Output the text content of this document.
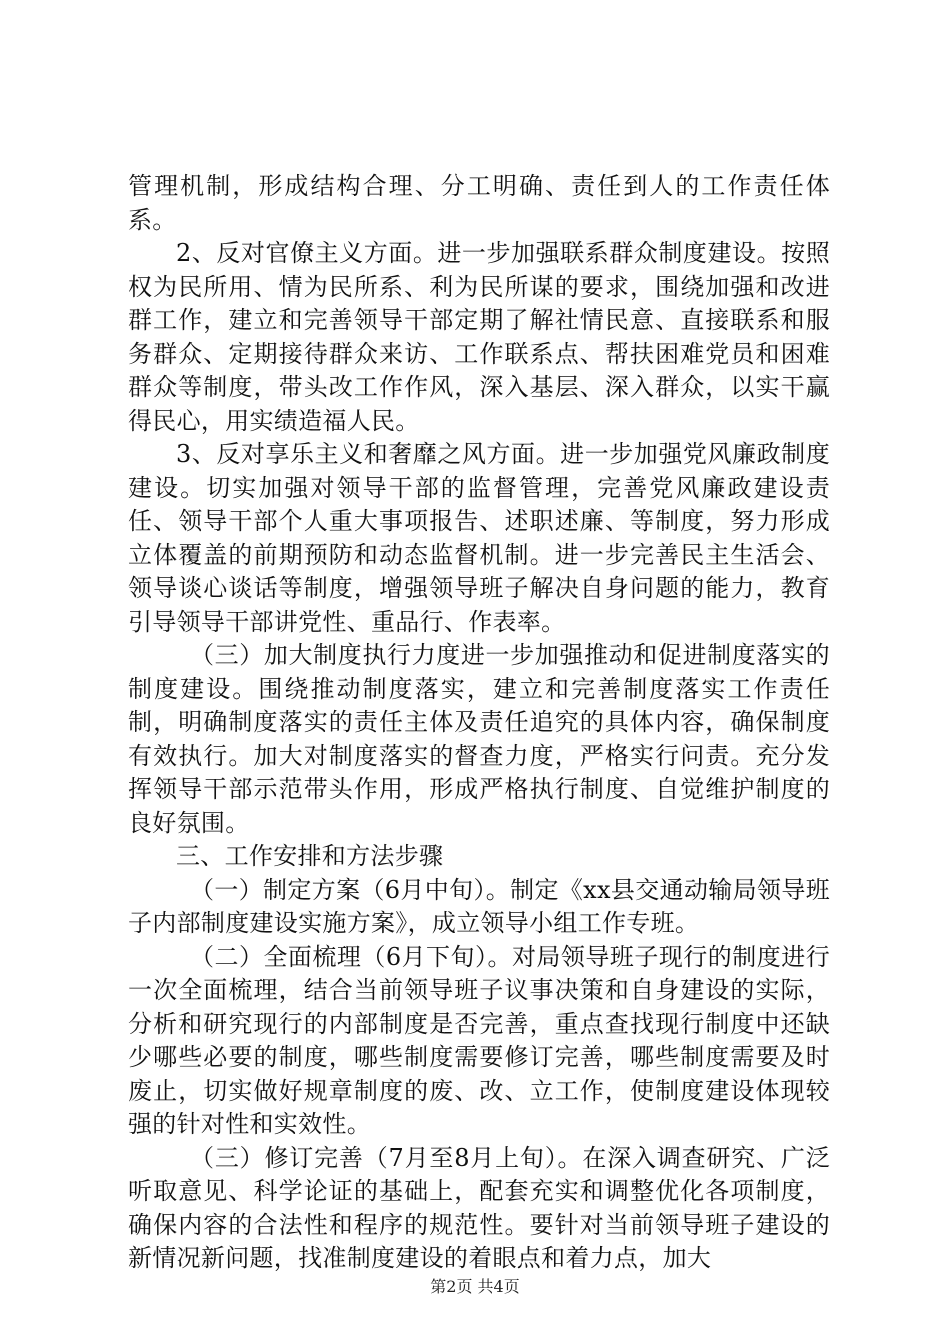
管理机制，形成结构合理、分工明确、责任到人的工作责任体系。

2、反对官僚主义方面。进一步加强联系群众制度建设。按照权为民所用、情为民所系、利为民所谋的要求，围绕加强和改进群工作，建立和完善领导干部定期了解社情民意、直接联系和服务群众、定期接待群众来访、工作联系点、帮扶困难党员和困难群众等制度，带头改工作作风，深入基层、深入群众，以实干赢得民心，用实绩造福人民。

3、反对享乐主义和奢靡之风方面。进一步加强党风廉政制度建设。切实加强对领导干部的监督管理，完善党风廉政建设责任、领导干部个人重大事项报告、述职述廉、等制度，努力形成立体覆盖的前期预防和动态监督机制。进一步完善民主生活会、领导谈心谈话等制度，增强领导班子解决自身问题的能力，教育引导领导干部讲党性、重品行、作表率。

（三）加大制度执行力度进一步加强推动和促进制度落实的制度建设。围绕推动制度落实，建立和完善制度落实工作责任制，明确制度落实的责任主体及责任追究的具体内容，确保制度有效执行。加大对制度落实的督查力度，严格实行问责。充分发挥领导干部示范带头作用，形成严格执行制度、自觉维护制度的良好氛围。

三、工作安排和方法步骤

（一）制定方案（6月中旬）。制定《xx县交通动输局领导班子内部制度建设实施方案》，成立领导小组工作专班。

（二）全面梳理（6月下旬）。对局领导班子现行的制度进行一次全面梳理，结合当前领导班子议事决策和自身建设的实际，分析和研究现行的内部制度是否完善，重点查找现行制度中还缺少哪些必要的制度，哪些制度需要修订完善，哪些制度需要及时废止，切实做好规章制度的废、改、立工作，使制度建设体现较强的针对性和实效性。

（三）修订完善（7月至8月上旬）。在深入调查研究、广泛听取意见、科学论证的基础上，配套充实和调整优化各项制度，确保内容的合法性和程序的规范性。要针对当前领导班子建设的新情况新问题，找准制度建设的着眼点和着力点，加大

第2页 共4页
